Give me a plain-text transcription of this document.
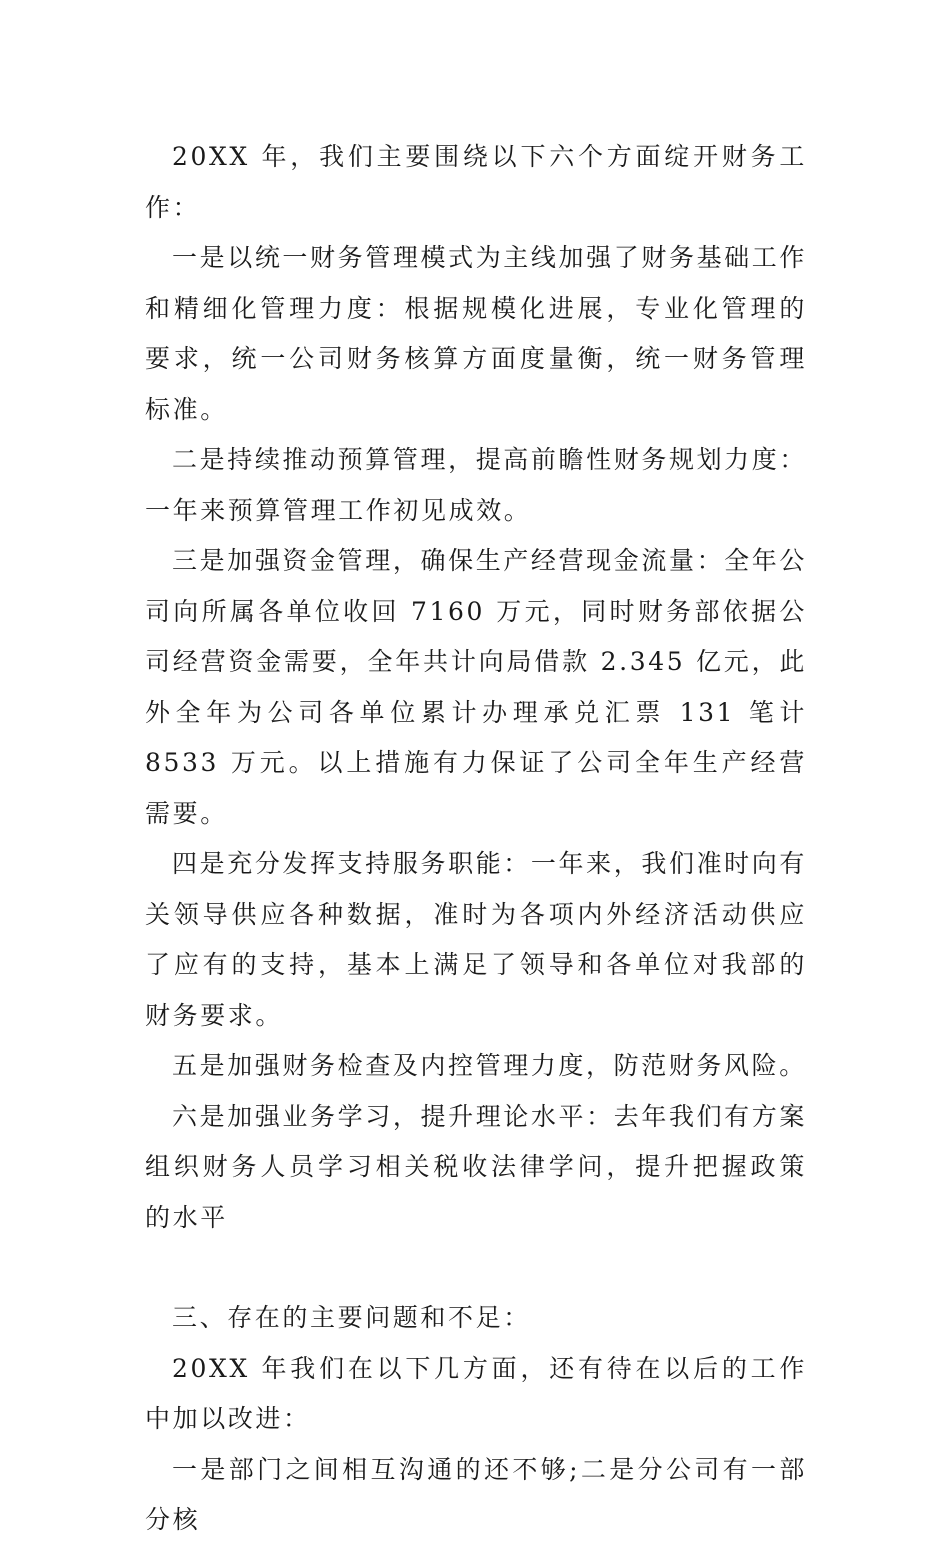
20XX 年，我们主要围绕以下六个方面绽开财务工作：

一是以统一财务管理模式为主线加强了财务基础工作和精细化管理力度：根据规模化进展，专业化管理的要求，统一公司财务核算方面度量衡，统一财务管理标准。

二是持续推动预算管理，提高前瞻性财务规划力度：一年来预算管理工作初见成效。

三是加强资金管理，确保生产经营现金流量：全年公司向所属各单位收回 7160 万元，同时财务部依据公司经营资金需要，全年共计向局借款 2.345 亿元，此外全年为公司各单位累计办理承兑汇票 131 笔计 8533 万元。以上措施有力保证了公司全年生产经营需要。

四是充分发挥支持服务职能：一年来，我们准时向有关领导供应各种数据，准时为各项内外经济活动供应了应有的支持，基本上满足了领导和各单位对我部的财务要求。

五是加强财务检查及内控管理力度，防范财务风险。

六是加强业务学习，提升理论水平：去年我们有方案组织财务人员学习相关税收法律学问，提升把握政策的水平

三、存在的主要问题和不足：

20XX 年我们在以下几方面，还有待在以后的工作中加以改进：

一是部门之间相互沟通的还不够;二是分公司有一部分核
